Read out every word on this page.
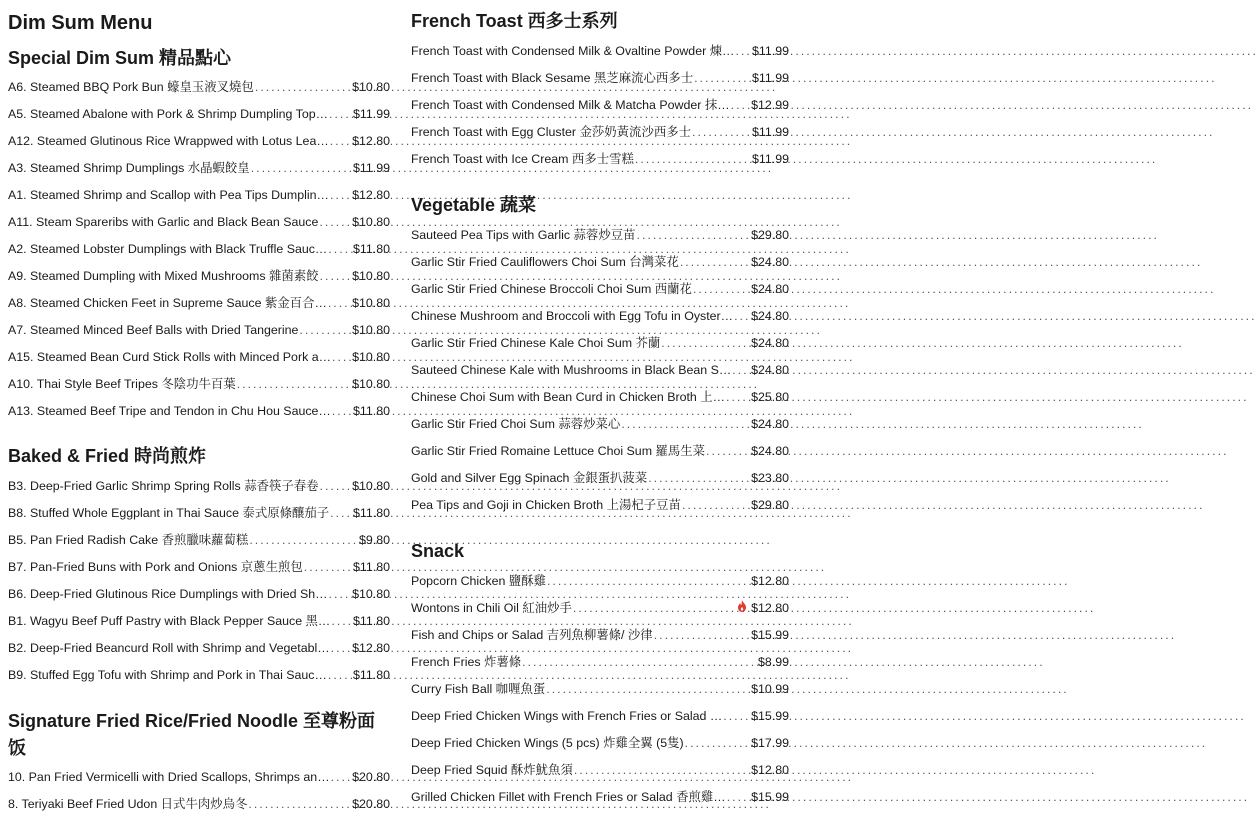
Dim Sum Menu
Special Dim Sum 精品點心
A6. Steamed BBQ Pork Bun 蠔皇玉液叉燒包 .....	$10.80
A5. Steamed Abalone with Pork & Shrimp Dumpling Top… ..... $11.99
A12. Steamed Glutinous Rice Wrappwed with Lotus Lea… ..... $12.80
A3. Steamed Shrimp Dumplings 水晶蝦餃皇 .....	$11.99
A1. Steamed Shrimp and Scallop with Pea Tips Dumplin… ..... $12.80
A11. Steam Spareribs with Garlic and Black Bean Sauce .....	$10.80
A2. Steamed Lobster Dumplings with Black Truffle Sauc… ..... $11.80
A9. Steamed Dumpling with Mixed Mushrooms 雜菌素餃 .....	$10.80
A8. Steamed Chicken Feet in Supreme Sauce 紫金百合… ..... $10.80
A7. Steamed Minced Beef Balls with Dried Tangerine .....	$10.80
A15. Steamed Bean Curd Stick Rolls with Minced Pork a… ..... $10.80
A10. Thai Style Beef Tripes 冬陰功牛百葉 .....	$10.80
A13. Steamed Beef Tripe and Tendon in Chu Hou Sauce… ..... $11.80
Baked & Fried 時尚煎炸
B3. Deep-Fried Garlic Shrimp Spring Rolls 蒜香筷子春卷 .....	$10.80
B8. Stuffed Whole Eggplant in Thai Sauce 泰式原條釀茄子 ..... $11.80
B5. Pan Fried Radish Cake 香煎臘味蘿蔔糕 .....	$9.80
B7. Pan-Fried Buns with Pork and Onions 京蔥生煎包 .....	$11.80
B6. Deep-Fried Glutinous Rice Dumplings with Dried Sh… ..... $10.80
B1. Wagyu Beef Puff Pastry with Black Pepper Sauce 黑… ..... $11.80
B2. Deep-Fried Beancurd Roll with Shrimp and Vegetabl… ..... $12.80
B9. Stuffed Egg Tofu with Shrimp and Pork in Thai Sauc… ..... $11.80
Signature Fried Rice/Fried Noodle 至尊粉面饭
10. Pan Fried Vermicelli with Dried Scallops, Shrimps an… ..... $20.80
8. Teriyaki Beef Fried Udon 日式牛肉炒烏冬 .....	$20.80
French Toast 西多士系列
French Toast with Condensed Milk & Ovaltine Powder 煉… ..... $11.99
French Toast with Black Sesame 黑芝麻流心西多士 .....	$11.99
French Toast with Condensed Milk & Matcha Powder 抹… ..... $12.99
French Toast with Egg Cluster 金莎奶黃流沙西多士 .....	$11.99
French Toast with Ice Cream 西多士雪糕 .....	$11.99
Vegetable 蔬菜
Sauteed Pea Tips with Garlic 蒜蓉炒豆苗 .....	$29.80
Garlic Stir Fried Cauliflowers Choi Sum 台灣菜花 .....	$24.80
Garlic Stir Fried Chinese Broccoli Choi Sum 西蘭花 .....	$24.80
Chinese Mushroom and Broccoli with Egg Tofu in Oyster… ..... $24.80
Garlic Stir Fried Chinese Kale Choi Sum 芥蘭 .....	$24.80
Sauteed Chinese Kale with Mushrooms in Black Bean S… ..... $24.80
Chinese Choi Sum with Bean Curd in Chicken Broth 上… ..... $25.80
Garlic Stir Fried Choi Sum 蒜蓉炒菜心 .....	$24.80
Garlic Stir Fried Romaine Lettuce Choi Sum 羅馬生菜 .....	$24.80
Gold and Silver Egg Spinach 金銀蛋扒菠菜 .....	$23.80
Pea Tips and Goji in Chicken Broth 上湯杞子豆苗 .....	$29.80
Snack
Popcorn Chicken 鹽酥雞 .....	$12.80
Wontons in Chili Oil 紅油炒手 .....	$12.80
Fish and Chips or Salad 吉列魚柳薯條/ 沙律 .....	$15.99
French Fries 炸薯條 .....	$8.99
Curry Fish Ball 咖喱魚蛋 .....	$10.99
Deep Fried Chicken Wings with French Fries or Salad … ..... $15.99
Deep Fried Chicken Wings (5 pcs) 炸雞全翼 (5隻) .....	$17.99
Deep Fried Squid 酥炸魷魚須 .....	$12.80
Grilled Chicken Fillet with French Fries or Salad 香煎雞… ..... $15.99
